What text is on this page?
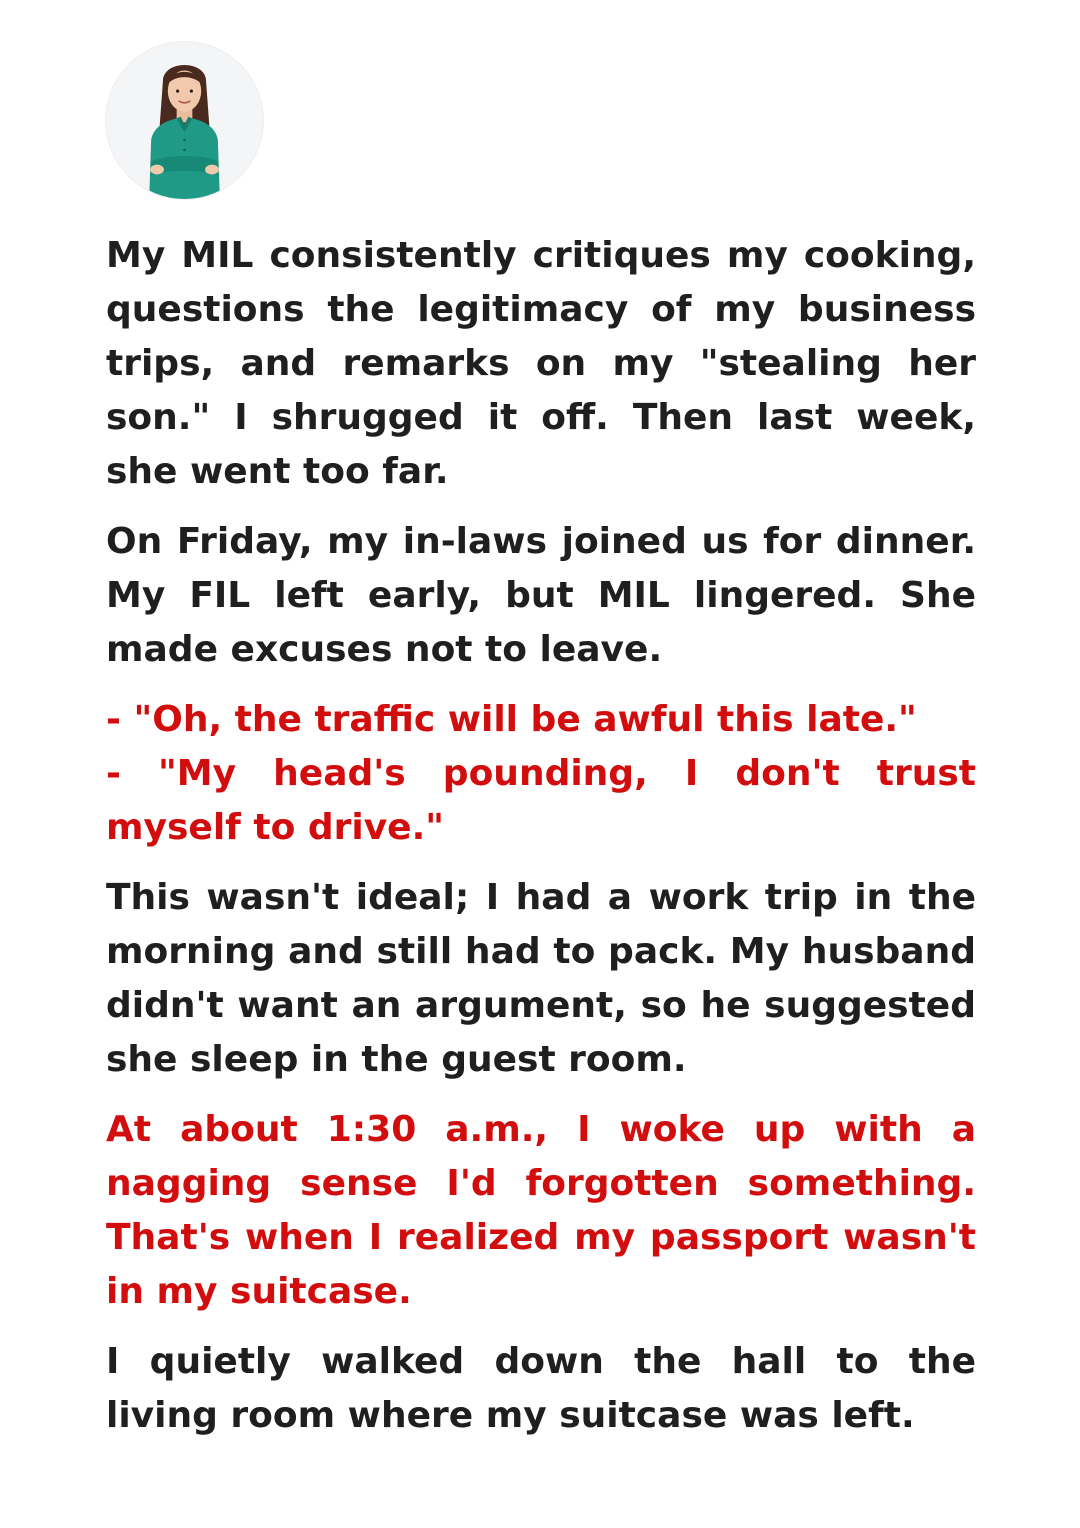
My MIL consistently critiques my cooking, questions the legitimacy of my business trips, and remarks on my "stealing her son." I shrugged it off. Then last week, she went too far.

On Friday, my in-laws joined us for dinner. My FIL left early, but MIL lingered. She made excuses not to leave.

- "Oh, the traffic will be awful this late."
- "My head's pounding, I don't trust myself to drive."

This wasn't ideal; I had a work trip in the morning and still had to pack. My husband didn't want an argument, so he suggested she sleep in the guest room.

At about 1:30 a.m., I woke up with a nagging sense I'd forgotten something. That's when I realized my passport wasn't in my suitcase.

I quietly walked down the hall to the living room where my suitcase was left.
